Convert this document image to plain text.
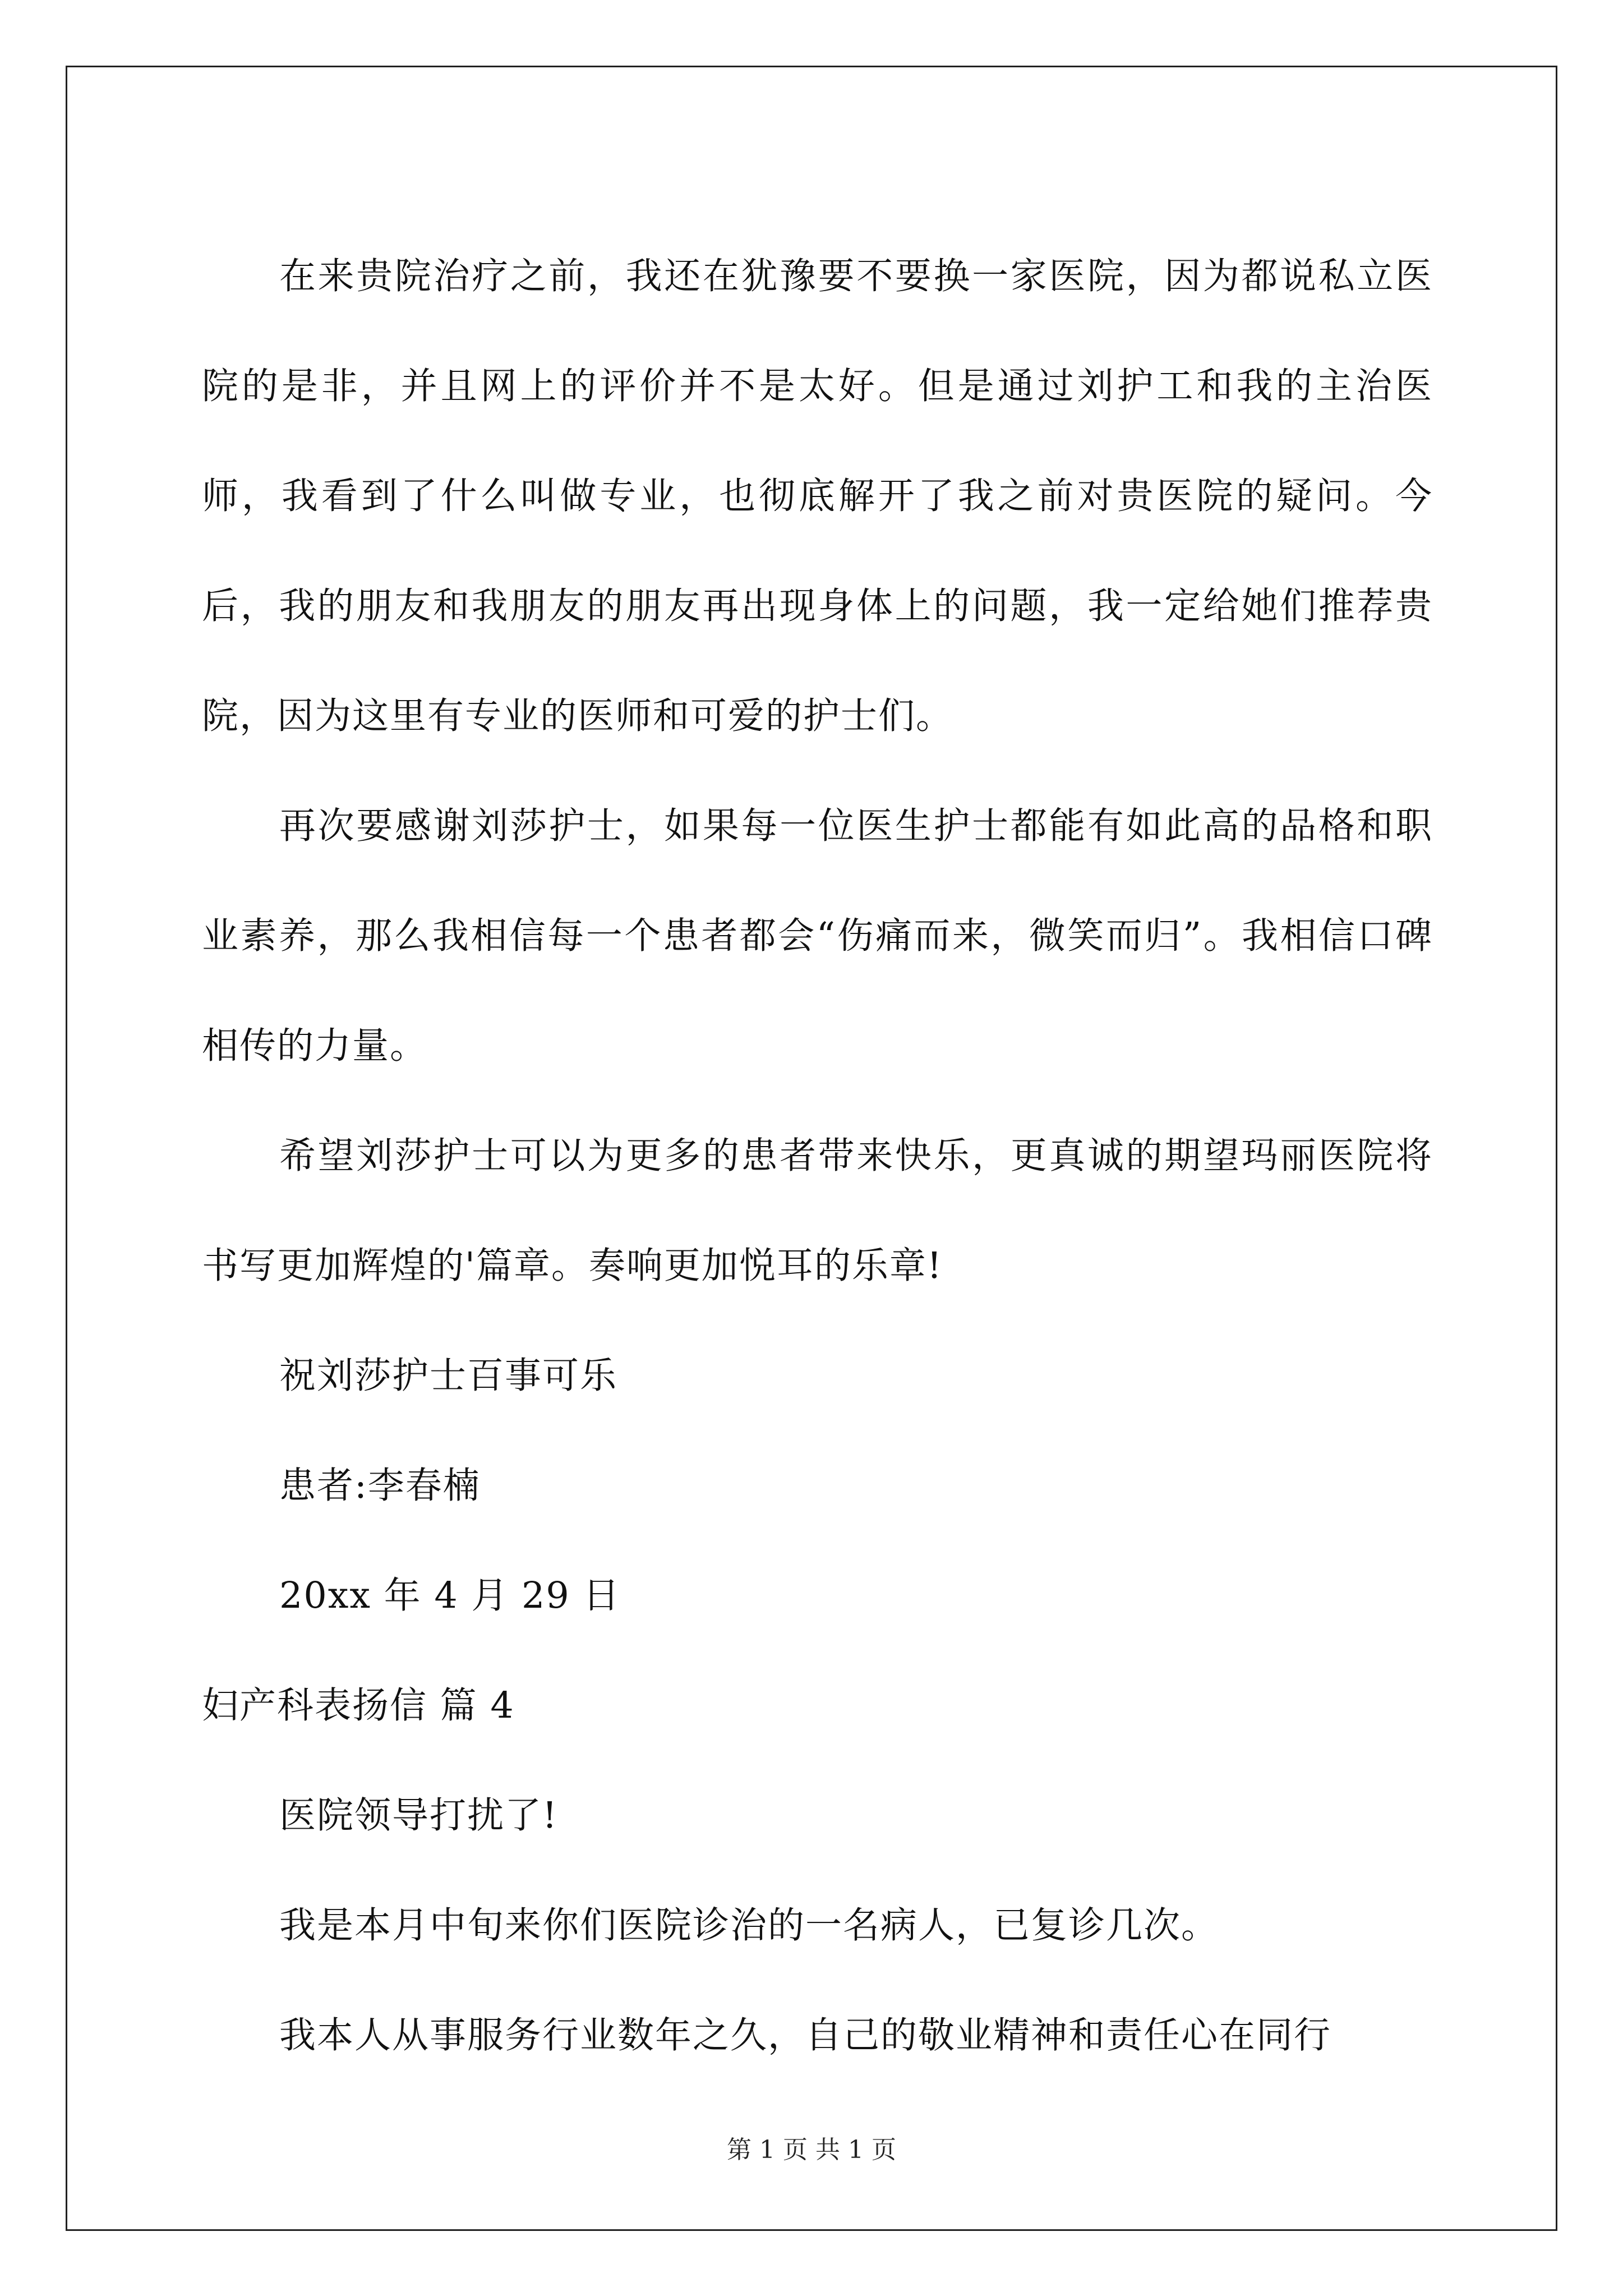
在来贵院治疗之前，我还在犹豫要不要换一家医院，因为都说私立医院的是非，并且网上的评价并不是太好。但是通过刘护工和我的主治医师，我看到了什么叫做专业，也彻底解开了我之前对贵医院的疑问。今后，我的朋友和我朋友的朋友再出现身体上的问题，我一定给她们推荐贵院，因为这里有专业的医师和可爱的护士们。

再次要感谢刘莎护士，如果每一位医生护士都能有如此高的品格和职业素养，那么我相信每一个患者都会“伤痛而来，微笑而归”。我相信口碑相传的力量。

希望刘莎护士可以为更多的患者带来快乐，更真诚的期望玛丽医院将书写更加辉煌的'篇章。奏响更加悦耳的乐章!

祝刘莎护士百事可乐

患者:李春楠

20xx 年 4 月 29 日

妇产科表扬信 篇 4

医院领导打扰了!

我是本月中旬来你们医院诊治的一名病人，已复诊几次。

我本人从事服务行业数年之久，自己的敬业精神和责任心在同行

第 1 页 共 1 页
